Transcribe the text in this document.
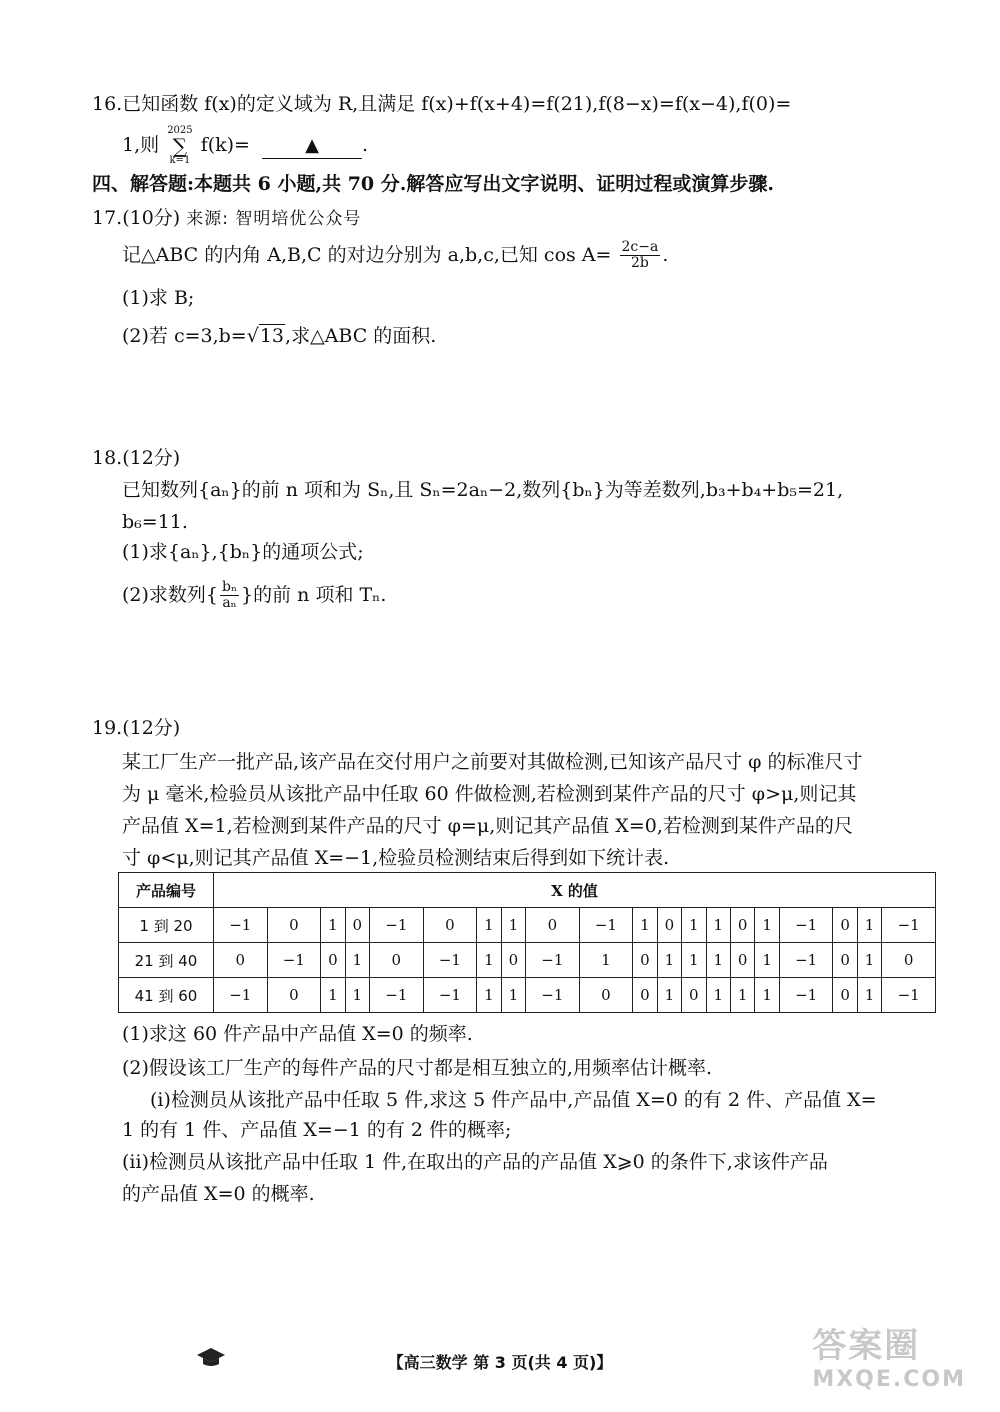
16.已知函数 f(x)的定义域为 R,且满足 f(x)+f(x+4)=f(21),f(8−x)=f(x−4),f(0)=
1,则
2025
∑
k=1
f(k)=	▲ .
四、解答题:本题共 6 小题,共 70 分.解答应写出文字说明、证明过程或演算步骤.
17.(10分) 来源: 智明培优公众号
记△ABC 的内角 A,B,C 的对边分别为 a,b,c,已知 $\cos A= \frac{2c-a}{2b}$ .
(1)求 B;
(2)若 c=3,b=√13,求△ABC 的面积.
18.(12分)
已知数列{aₙ}的前 n 项和为 Sₙ,且 Sₙ=2aₙ−2,数列{bₙ}为等差数列,b₃+b₄+b₅=21,
b₆=11.
(1)求{aₙ},{bₙ}的通项公式;
(2)求数列{ $\frac{\text{bₙ}}{\text{aₙ}}$ }的前 n 项和 Tₙ.
19.(12分)
某工厂生产一批产品,该产品在交付用户之前要对其做检测,已知该产品尺寸 φ 的标准尺寸
为 μ 毫米,检验员从该批产品中任取 60 件做检测,若检测到某件产品的尺寸 φ>μ,则记其
产品值 X=1,若检测到某件产品的尺寸 φ=μ,则记其产品值 X=0,若检测到某件产品的尺
寸 φ<μ,则记其产品值 X=−1,检验员检测结束后得到如下统计表.
产品编号	X 的值																			
1 到 20	−1	0	1	0	−1	0	1	1	0	−1	1	0	1	1	0	1	−1	0	1	−1
21 到 40	0	−1	0	1	0	−1	1	0	−1	1	0	1	1	1	0	1	−1	0	1	0
41 到 60	−1	0	1	1	−1	−1	1	1	−1	0	0	1	0	1	1	1	−1	0	1	−1
(1)求这 60 件产品中产品值 X=0 的频率.
(2)假设该工厂生产的每件产品的尺寸都是相互独立的,用频率估计概率.
(i)检测员从该批产品中任取 5 件,求这 5 件产品中,产品值 X=0 的有 2 件、产品值 X=
1 的有 1 件、产品值 X=−1 的有 2 件的概率;
(ii)检测员从该批产品中任取 1 件,在取出的产品的产品值 X⩾0 的条件下,求该件产品
的产品值 X=0 的概率.
【高三数学 第 3 页(共 4 页)】	答案圈
MXQE.COM
